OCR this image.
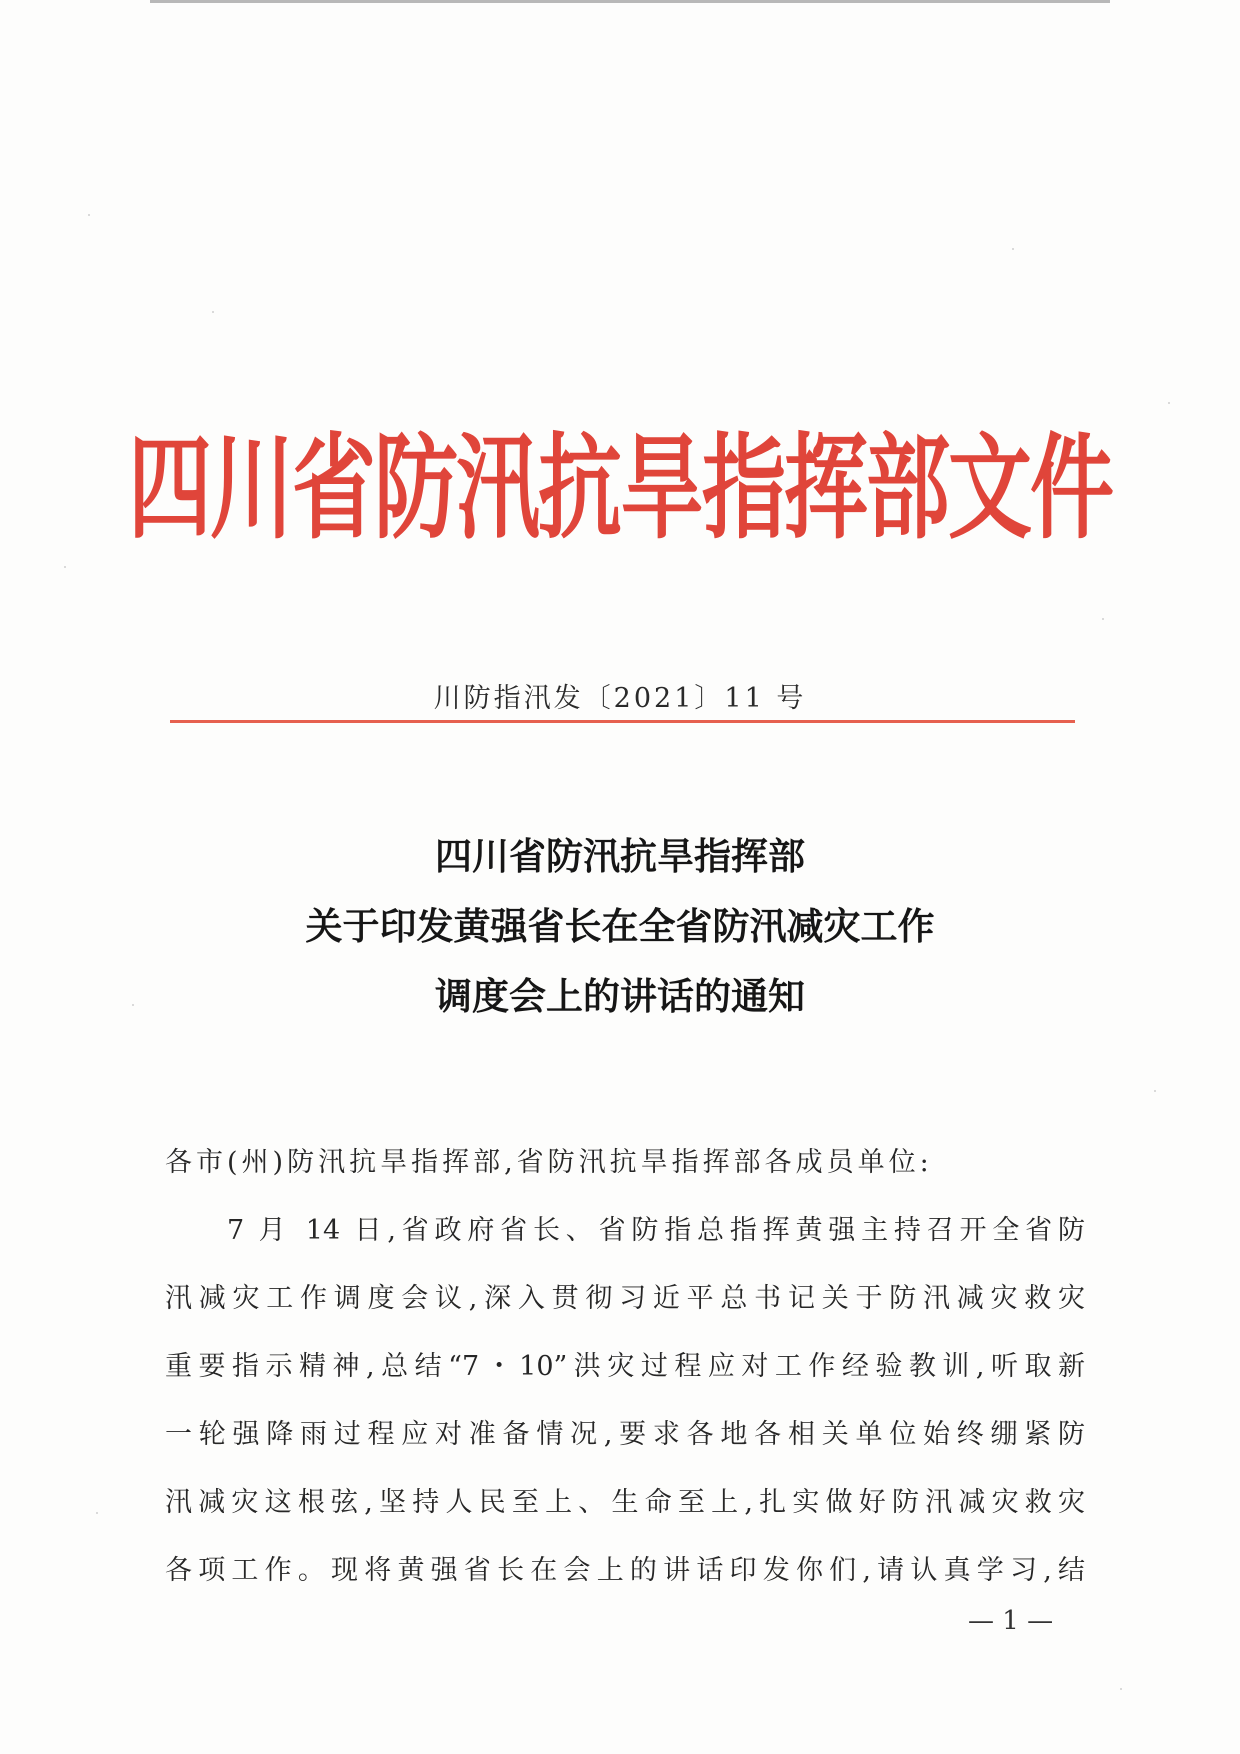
四川省防汛抗旱指挥部文件
川防指汛发〔2021〕11 号
四川省防汛抗旱指挥部
关于印发黄强省长在全省防汛减灾工作
调度会上的讲话的通知
各市(州)防汛抗旱指挥部,省防汛抗旱指挥部各成员单位:
7 月 14 日,省政府省长、省防指总指挥黄强主持召开全省防
汛减灾工作调度会议,深入贯彻习近平总书记关于防汛减灾救灾
重要指示精神,总结“7・10”洪灾过程应对工作经验教训,听取新
一轮强降雨过程应对准备情况,要求各地各相关单位始终绷紧防
汛减灾这根弦,坚持人民至上、生命至上,扎实做好防汛减灾救灾
各项工作。现将黄强省长在会上的讲话印发你们,请认真学习,结
— 1 —
